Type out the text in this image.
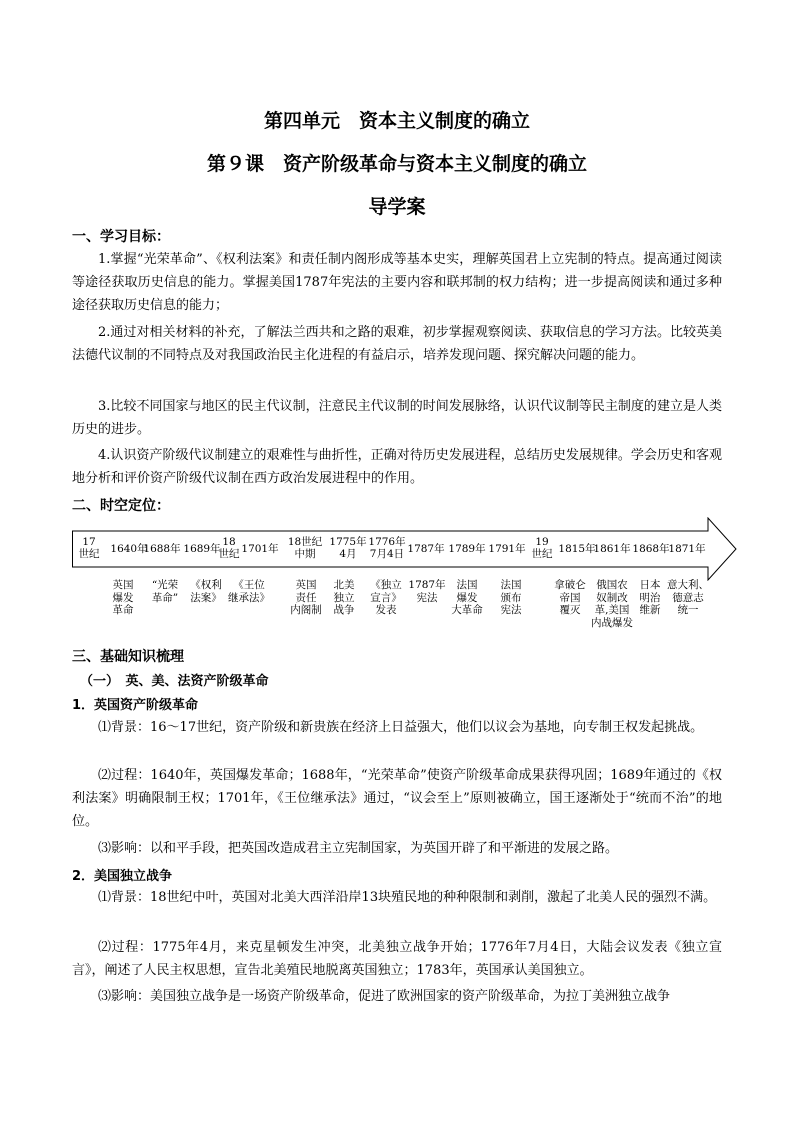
第四单元　资本主义制度的确立
第９课　资产阶级革命与资本主义制度的确立
导学案
一、学习目标：

1.掌握“光荣革命”、《权利法案》和责任制内阁形成等基本史实，理解英国君上立宪制的特点。提高通过阅读等途径获取历史信息的能力。掌握美国1787年宪法的主要内容和联邦制的权力结构；进一步提高阅读和通过多种途径获取历史信息的能力；

2.通过对相关材料的补充，了解法兰西共和之路的艰难，初步掌握观察阅读、获取信息的学习方法。比较英美法德代议制的不同特点及对我国政治民主化进程的有益启示，培养发现问题、探究解决问题的能力。

3.比较不同国家与地区的民主代议制，注意民主代议制的时间发展脉络，认识代议制等民主制度的建立是人类历史的进步。

4.认识资产阶级代议制建立的艰难性与曲折性，正确对待历史发展进程，总结历史发展规律。学会历史和客观地分析和评价资产阶级代议制在西方政治发展进程中的作用。

二、时空定位：
17
世纪 1640年
1688年 1689年
18
世纪 1701年
18世纪
中期
1775年
4月
1776年
7月4日 1787年 1789年 1791年
19
世纪 1815年
1861年 1868年
1871年
英国
爆发
革命
“光荣
革命”
《权利
法案》
《王位
继承法》
英国
责任
内阁制
北美
独立
战争
《独立
宣言》
发表
1787年
宪法
法国
爆发
大革命
法国
颁布
宪法
拿破仑
帝国
覆灭
俄国农
奴制改
革,美国
内战爆发
日本
明治
维新
意大利、
德意志
统一
三、基础知识梳理
（一）　英、美、法资产阶级革命
1．英国资产阶级革命

⑴背景：16～17世纪，资产阶级和新贵族在经济上日益强大，他们以议会为基地，向专制王权发起挑战。

⑵过程：1640年，英国爆发革命；1688年，“光荣革命”使资产阶级革命成果获得巩固；1689年通过的《权利法案》明确限制王权；1701年，《王位继承法》通过，“议会至上”原则被确立，国王逐渐处于“统而不治”的地位。

⑶影响：以和平手段，把英国改造成君主立宪制国家，为英国开辟了和平渐进的发展之路。

2．美国独立战争

⑴背景：18世纪中叶，英国对北美大西洋沿岸13块殖民地的种种限制和剥削，激起了北美人民的强烈不满。

⑵过程：1775年4月，来克星顿发生冲突，北美独立战争开始；1776年7月4日，大陆会议发表《独立宣言》，阐述了人民主权思想，宣告北美殖民地脱离英国独立；1783年，英国承认美国独立。

⑶影响：美国独立战争是一场资产阶级革命，促进了欧洲国家的资产阶级革命，为拉丁美洲独立战争
